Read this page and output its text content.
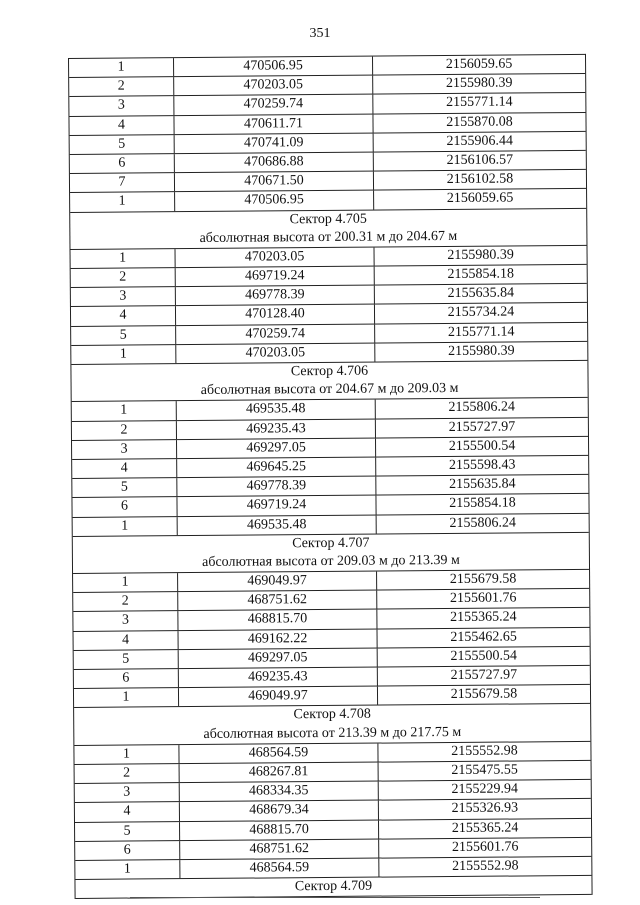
351
1	470506.95	2156059.65
2	470203.05	2155980.39
3	470259.74	2155771.14
4	470611.71	2155870.08
5	470741.09	2155906.44
6	470686.88	2156106.57
7	470671.50	2156102.58
1	470506.95	2156059.65
Сектор 4.705
абсолютная высота от 200.31 м до 204.67 м
1	470203.05	2155980.39
2	469719.24	2155854.18
3	469778.39	2155635.84
4	470128.40	2155734.24
5	470259.74	2155771.14
1	470203.05	2155980.39
Сектор 4.706
абсолютная высота от 204.67 м до 209.03 м
1	469535.48	2155806.24
2	469235.43	2155727.97
3	469297.05	2155500.54
4	469645.25	2155598.43
5	469778.39	2155635.84
6	469719.24	2155854.18
1	469535.48	2155806.24
Сектор 4.707
абсолютная высота от 209.03 м до 213.39 м
1	469049.97	2155679.58
2	468751.62	2155601.76
3	468815.70	2155365.24
4	469162.22	2155462.65
5	469297.05	2155500.54
6	469235.43	2155727.97
1	469049.97	2155679.58
Сектор 4.708
абсолютная высота от 213.39 м до 217.75 м
1	468564.59	2155552.98
2	468267.81	2155475.55
3	468334.35	2155229.94
4	468679.34	2155326.93
5	468815.70	2155365.24
6	468751.62	2155601.76
1	468564.59	2155552.98
Сектор 4.709
